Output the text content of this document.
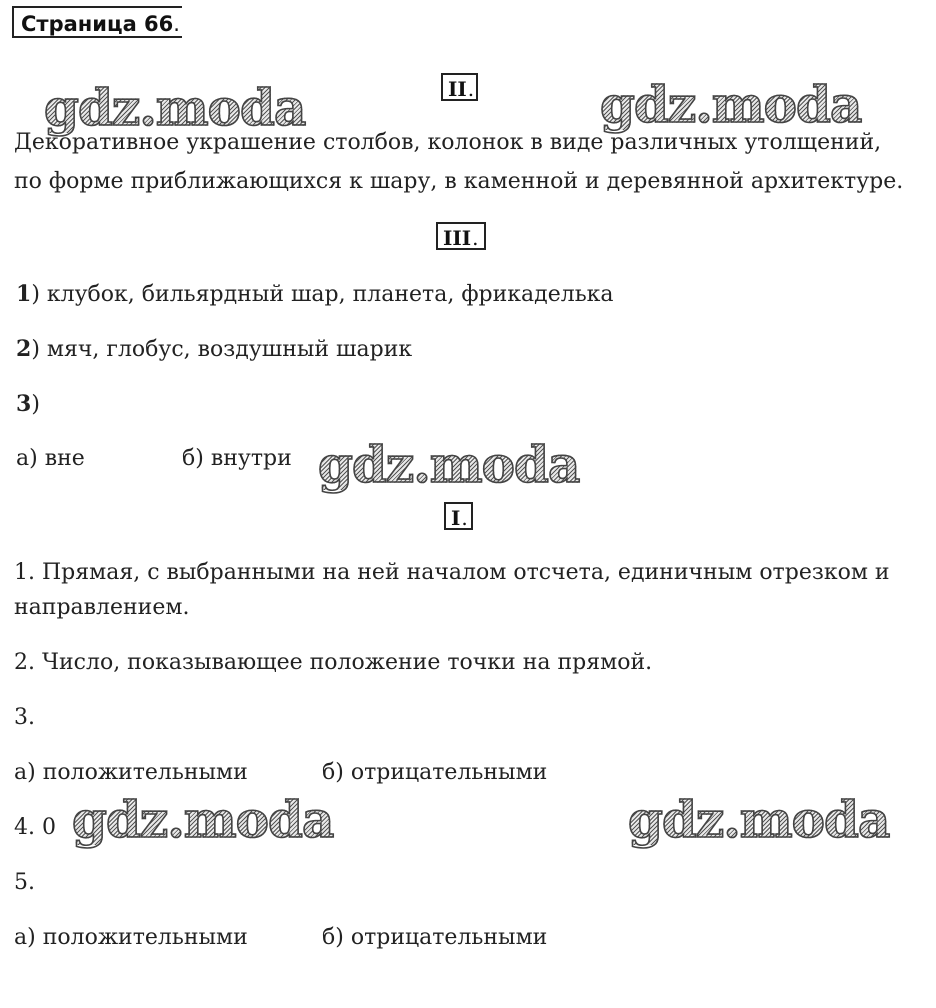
Страница 66.
gdz.moda	gdz.moda
gdz.moda
gdz.moda	gdz.moda
II.
Декоративное украшение столбов, колонок в виде различных утолщений,
по форме приближающихся к шару, в каменной и деревянной архитектуре.
III.
1) клубок, бильярдный шар, планета, фрикаделька
2) мяч, глобус, воздушный шарик
3)
а) вне	б) внутри
I.
1. Прямая, с выбранными на ней началом отсчета, единичным отрезком и
направлением.
2. Число, показывающее положение точки на прямой.
3.
а) положительными	б) отрицательными
4. 0
5.
а) положительными	б) отрицательными
